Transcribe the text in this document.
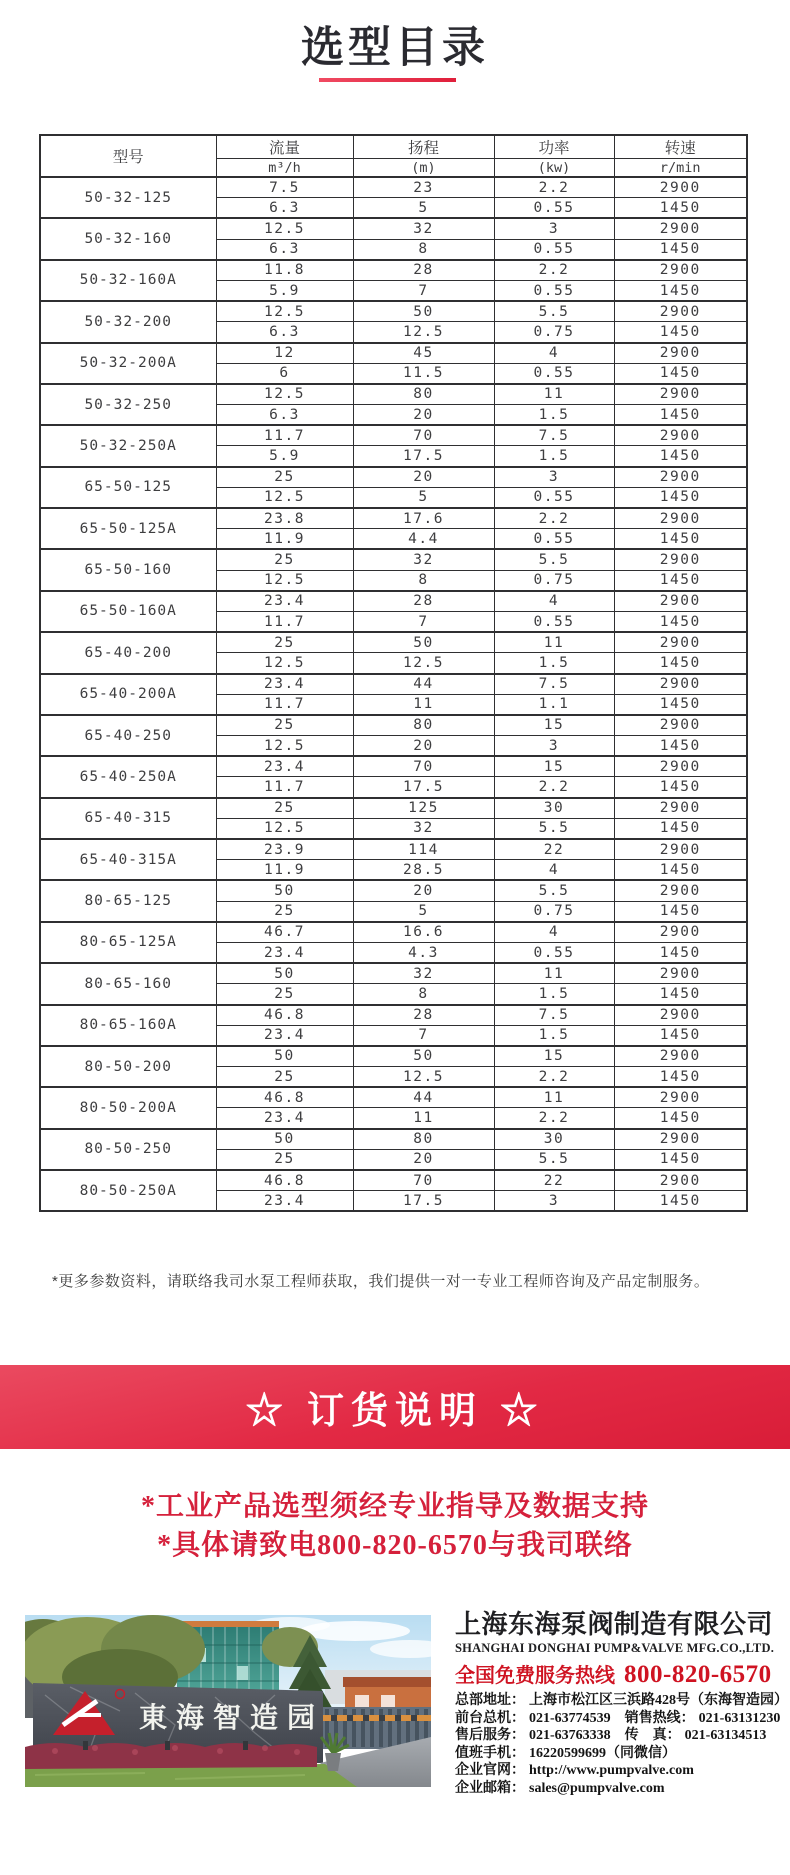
选型目录
型号	流量	扬程	功率	转速
	m³/h	(m)	(kw)	r/min
50-32-125	7.5	23	2.2	2900
	6.3	5	0.55	1450
50-32-160	12.5	32	3	2900
	6.3	8	0.55	1450
50-32-160A	11.8	28	2.2	2900
	5.9	7	0.55	1450
50-32-200	12.5	50	5.5	2900
	6.3	12.5	0.75	1450
50-32-200A	12	45	4	2900
	6	11.5	0.55	1450
50-32-250	12.5	80	11	2900
	6.3	20	1.5	1450
50-32-250A	11.7	70	7.5	2900
	5.9	17.5	1.5	1450
65-50-125	25	20	3	2900
	12.5	5	0.55	1450
65-50-125A	23.8	17.6	2.2	2900
	11.9	4.4	0.55	1450
65-50-160	25	32	5.5	2900
	12.5	8	0.75	1450
65-50-160A	23.4	28	4	2900
	11.7	7	0.55	1450
65-40-200	25	50	11	2900
	12.5	12.5	1.5	1450
65-40-200A	23.4	44	7.5	2900
	11.7	11	1.1	1450
65-40-250	25	80	15	2900
	12.5	20	3	1450
65-40-250A	23.4	70	15	2900
	11.7	17.5	2.2	1450
65-40-315	25	125	30	2900
	12.5	32	5.5	1450
65-40-315A	23.9	114	22	2900
	11.9	28.5	4	1450
80-65-125	50	20	5.5	2900
	25	5	0.75	1450
80-65-125A	46.7	16.6	4	2900
	23.4	4.3	0.55	1450
80-65-160	50	32	11	2900
	25	8	1.5	1450
80-65-160A	46.8	28	7.5	2900
	23.4	7	1.5	1450
80-50-200	50	50	15	2900
	25	12.5	2.2	1450
80-50-200A	46.8	44	11	2900
	23.4	11	2.2	1450
80-50-250	50	80	30	2900
	25	20	5.5	1450
80-50-250A	46.8	70	22	2900
	23.4	17.5	3	1450
*更多参数资料，请联络我司水泵工程师获取，我们提供一对一专业工程师咨询及产品定制服务。
☆ 订货说明 ☆
*工业产品选型须经专业指导及数据支持
*具体请致电800-820-6570与我司联络
東海智造园
上海东海泵阀制造有限公司
SHANGHAI DONGHAI PUMP&VALVE MFG.CO.,LTD.
全国免费服务热线 800-820-6570
总部地址： 上海市松江区三浜路428号（东海智造园）
前台总机： 021-63774539 销售热线： 021-63131230
售后服务： 021-63763338 传　真： 021-63134513
值班手机： 16220599699（同微信）
企业官网： http://www.pumpvalve.com
企业邮箱： sales@pumpvalve.com
